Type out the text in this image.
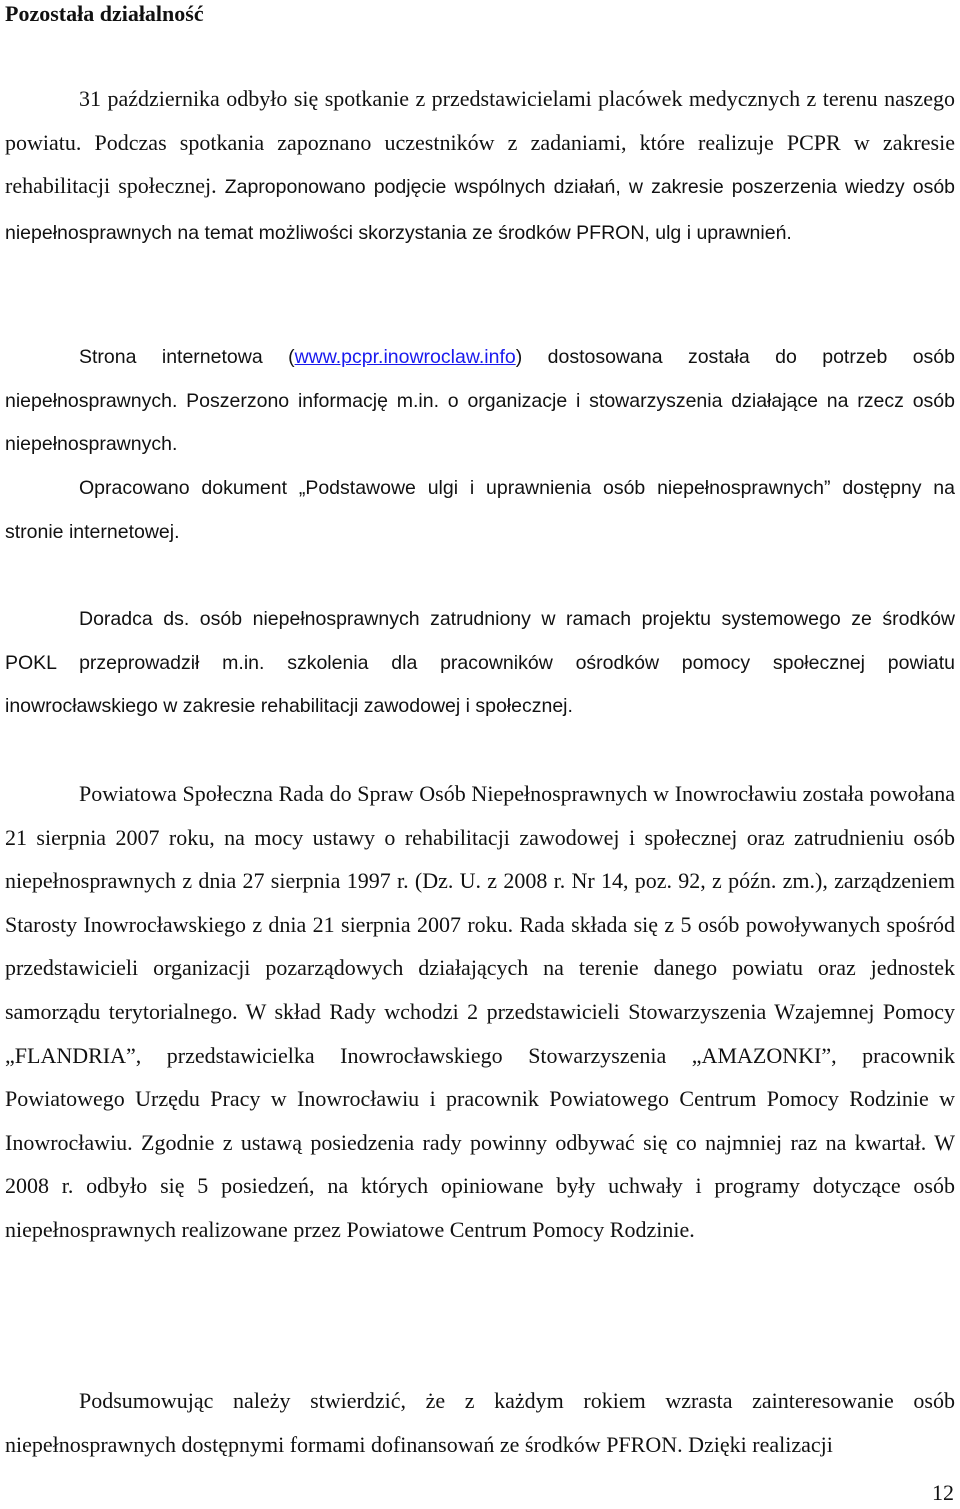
Pozostała działalność

31 października odbyło się spotkanie z przedstawicielami placówek medycznych z terenu naszego powiatu. Podczas spotkania zapoznano uczestników z zadaniami, które realizuje PCPR w zakresie rehabilitacji społecznej. Zaproponowano podjęcie wspólnych działań, w zakresie poszerzenia wiedzy osób niepełnosprawnych na temat możliwości skorzystania ze środków PFRON, ulg i uprawnień.

Strona internetowa (www.pcpr.inowroclaw.info) dostosowana została do potrzeb osób niepełnosprawnych. Poszerzono informację m.in. o organizacje i stowarzyszenia działające na rzecz osób niepełnosprawnych.

Opracowano dokument „Podstawowe ulgi i uprawnienia osób niepełnosprawnych” dostępny na stronie internetowej.

Doradca ds. osób niepełnosprawnych zatrudniony w ramach projektu systemowego ze środków POKL przeprowadził m.in. szkolenia dla pracowników ośrodków pomocy społecznej powiatu inowrocławskiego w zakresie rehabilitacji zawodowej i społecznej.

Powiatowa Społeczna Rada do Spraw Osób Niepełnosprawnych w Inowrocławiu została powołana 21 sierpnia 2007 roku, na mocy ustawy o rehabilitacji zawodowej i społecznej oraz zatrudnieniu osób niepełnosprawnych z dnia 27 sierpnia 1997 r. (Dz. U. z 2008 r. Nr 14, poz. 92, z późn. zm.), zarządzeniem Starosty Inowrocławskiego z dnia 21 sierpnia 2007 roku. Rada składa się z 5 osób powoływanych spośród przedstawicieli organizacji pozarządowych działających na terenie danego powiatu oraz jednostek samorządu terytorialnego. W skład Rady wchodzi 2 przedstawicieli Stowarzyszenia Wzajemnej Pomocy „FLANDRIA”, przedstawicielka Inowrocławskiego Stowarzyszenia „AMAZONKI”, pracownik Powiatowego Urzędu Pracy w Inowrocławiu i pracownik Powiatowego Centrum Pomocy Rodzinie w Inowrocławiu. Zgodnie z ustawą posiedzenia rady powinny odbywać się co najmniej raz na kwartał. W 2008 r. odbyło się 5 posiedzeń, na których opiniowane były uchwały i programy dotyczące osób niepełnosprawnych realizowane przez Powiatowe Centrum Pomocy Rodzinie.

Podsumowując należy stwierdzić, że z każdym rokiem wzrasta zainteresowanie osób niepełnosprawnych dostępnymi formami dofinansowań ze środków PFRON. Dzięki realizacji

12
